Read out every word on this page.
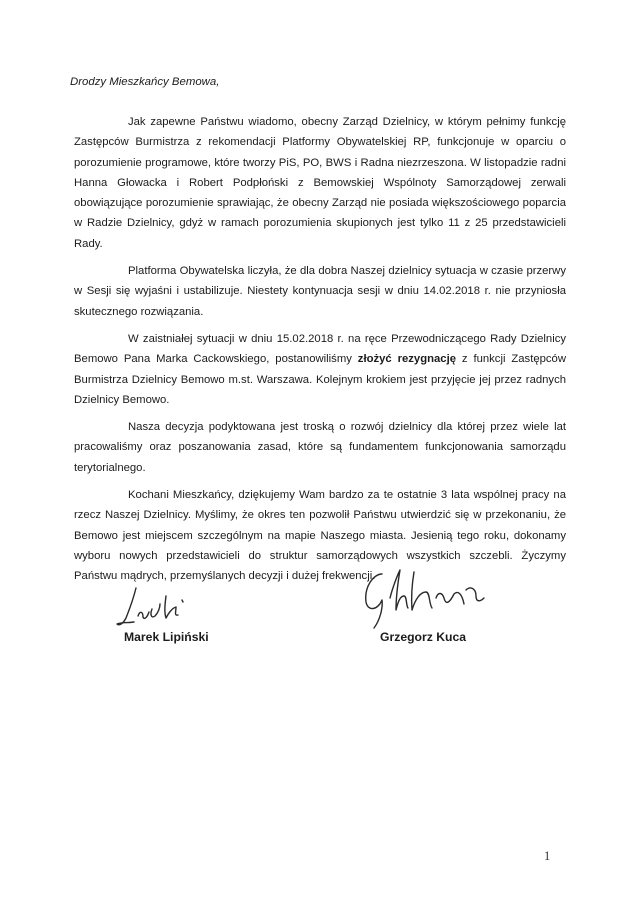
Drodzy Mieszkańcy Bemowa,

Jak zapewne Państwu wiadomo, obecny Zarząd Dzielnicy, w którym pełnimy funkcję Zastępców Burmistrza z rekomendacji Platformy Obywatelskiej RP, funkcjonuje w oparciu o porozumienie programowe, które tworzy PiS, PO, BWS i Radna niezrzeszona. W listopadzie radni Hanna Głowacka i Robert Podpłoński z Bemowskiej Wspólnoty Samorządowej zerwali obowiązujące porozumienie sprawiając, że obecny Zarząd nie posiada większościowego poparcia w Radzie Dzielnicy, gdyż w ramach porozumienia skupionych jest tylko 11 z 25 przedstawicieli Rady.

Platforma Obywatelska liczyła, że dla dobra Naszej dzielnicy sytuacja w czasie przerwy w Sesji się wyjaśni i ustabilizuje. Niestety kontynuacja sesji w dniu 14.02.2018 r. nie przyniosła skutecznego rozwiązania.

W zaistniałej sytuacji w dniu 15.02.2018 r. na ręce Przewodniczącego Rady Dzielnicy Bemowo Pana Marka Cackowskiego, postanowiliśmy złożyć rezygnację z funkcji Zastępców Burmistrza Dzielnicy Bemowo m.st. Warszawa. Kolejnym krokiem jest przyjęcie jej przez radnych Dzielnicy Bemowo.

Nasza decyzja podyktowana jest troską o rozwój dzielnicy dla której przez wiele lat pracowaliśmy oraz poszanowania zasad, które są fundamentem funkcjonowania samorządu terytorialnego.

Kochani Mieszkańcy, dziękujemy Wam bardzo za te ostatnie 3 lata wspólnej pracy na rzecz Naszej Dzielnicy. Myślimy, że okres ten pozwolił Państwu utwierdzić się w przekonaniu, że Bemowo jest miejscem szczególnym na mapie Naszego miasta. Jesienią tego roku, dokonamy wyboru nowych przedstawicieli do struktur samorządowych wszystkich szczebli. Życzymy Państwu mądrych, przemyślanych decyzji i dużej frekwencji.

Marek Lipiński	Grzegorz Kuca
1
